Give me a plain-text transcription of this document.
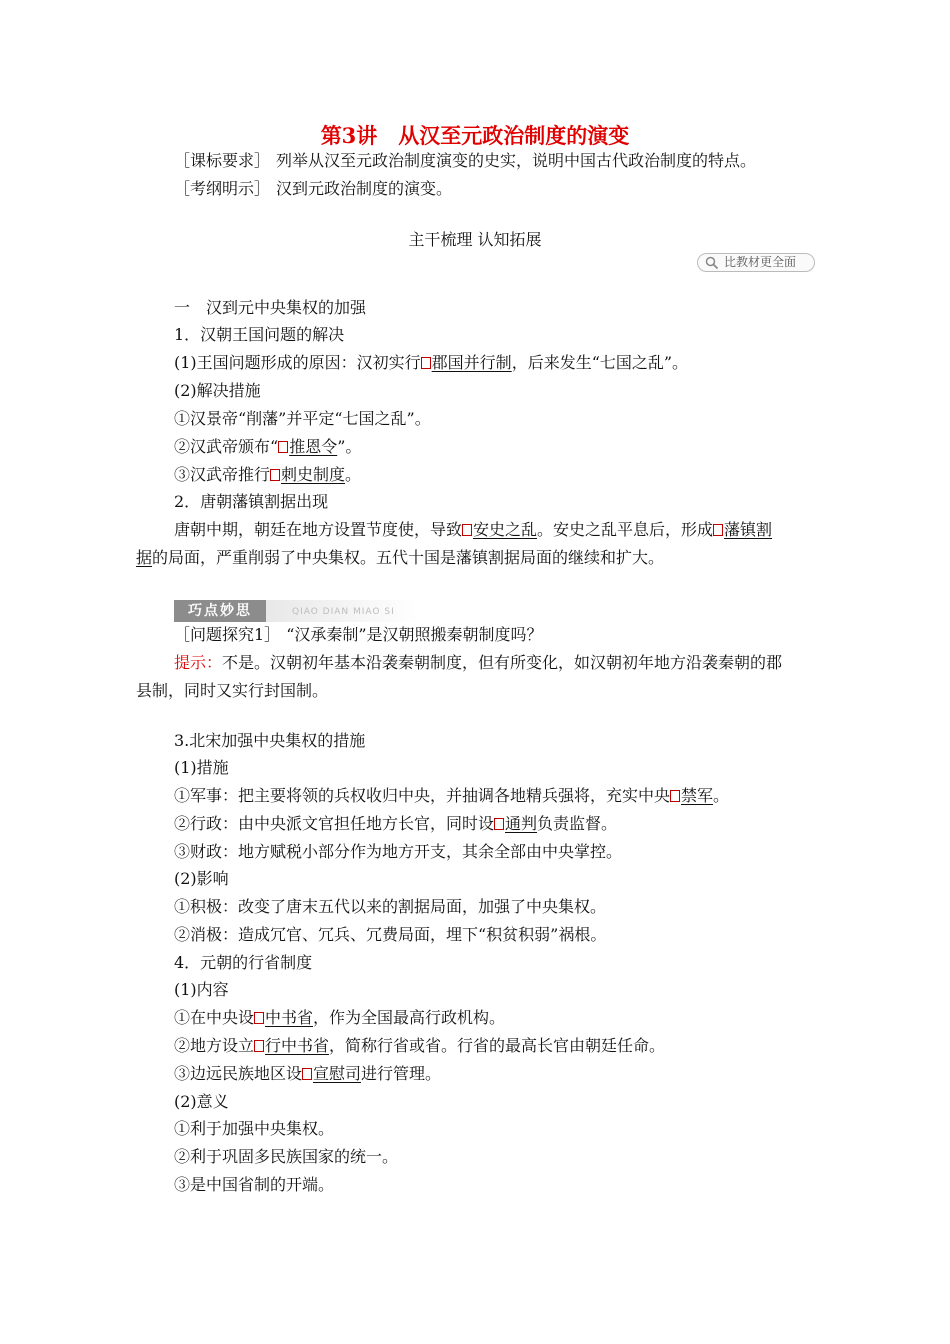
第3讲　从汉至元政治制度的演变
［课标要求］ 列举从汉至元政治制度演变的史实，说明中国古代政治制度的特点。
［考纲明示］ 汉到元政治制度的演变。
主干梳理 认知拓展
比教材更全面
一　汉到元中央集权的加强
1．汉朝王国问题的解决
(1)王国问题形成的原因：汉初实行 郡国并行制，后来发生“七国之乱”。
(2)解决措施
①汉景帝“削藩”并平定“七国之乱”。
②汉武帝颁布“ 推恩令”。
③汉武帝推行 刺史制度。
2．唐朝藩镇割据出现
唐朝中期，朝廷在地方设置节度使，导致 安史之乱。安史之乱平息后，形成 藩镇割
据的局面，严重削弱了中央集权。五代十国是藩镇割据局面的继续和扩大。
巧点妙思	QIAO DIAN MIAO SI
［问题探究1］ “汉承秦制”是汉朝照搬秦朝制度吗？
提示：不是。汉朝初年基本沿袭秦朝制度，但有所变化，如汉朝初年地方沿袭秦朝的郡
县制，同时又实行封国制。
3.北宋加强中央集权的措施
(1)措施
①军事：把主要将领的兵权收归中央，并抽调各地精兵强将，充实中央 禁军。
②行政：由中央派文官担任地方长官，同时设 通判负责监督。
③财政：地方赋税小部分作为地方开支，其余全部由中央掌控。
(2)影响
①积极：改变了唐末五代以来的割据局面，加强了中央集权。
②消极：造成冗官、冗兵、冗费局面，埋下“积贫积弱”祸根。
4．元朝的行省制度
(1)内容
①在中央设 中书省，作为全国最高行政机构。
②地方设立 行中书省，简称行省或省。行省的最高长官由朝廷任命。
③边远民族地区设 宣慰司进行管理。
(2)意义
①利于加强中央集权。
②利于巩固多民族国家的统一。
③是中国省制的开端。
